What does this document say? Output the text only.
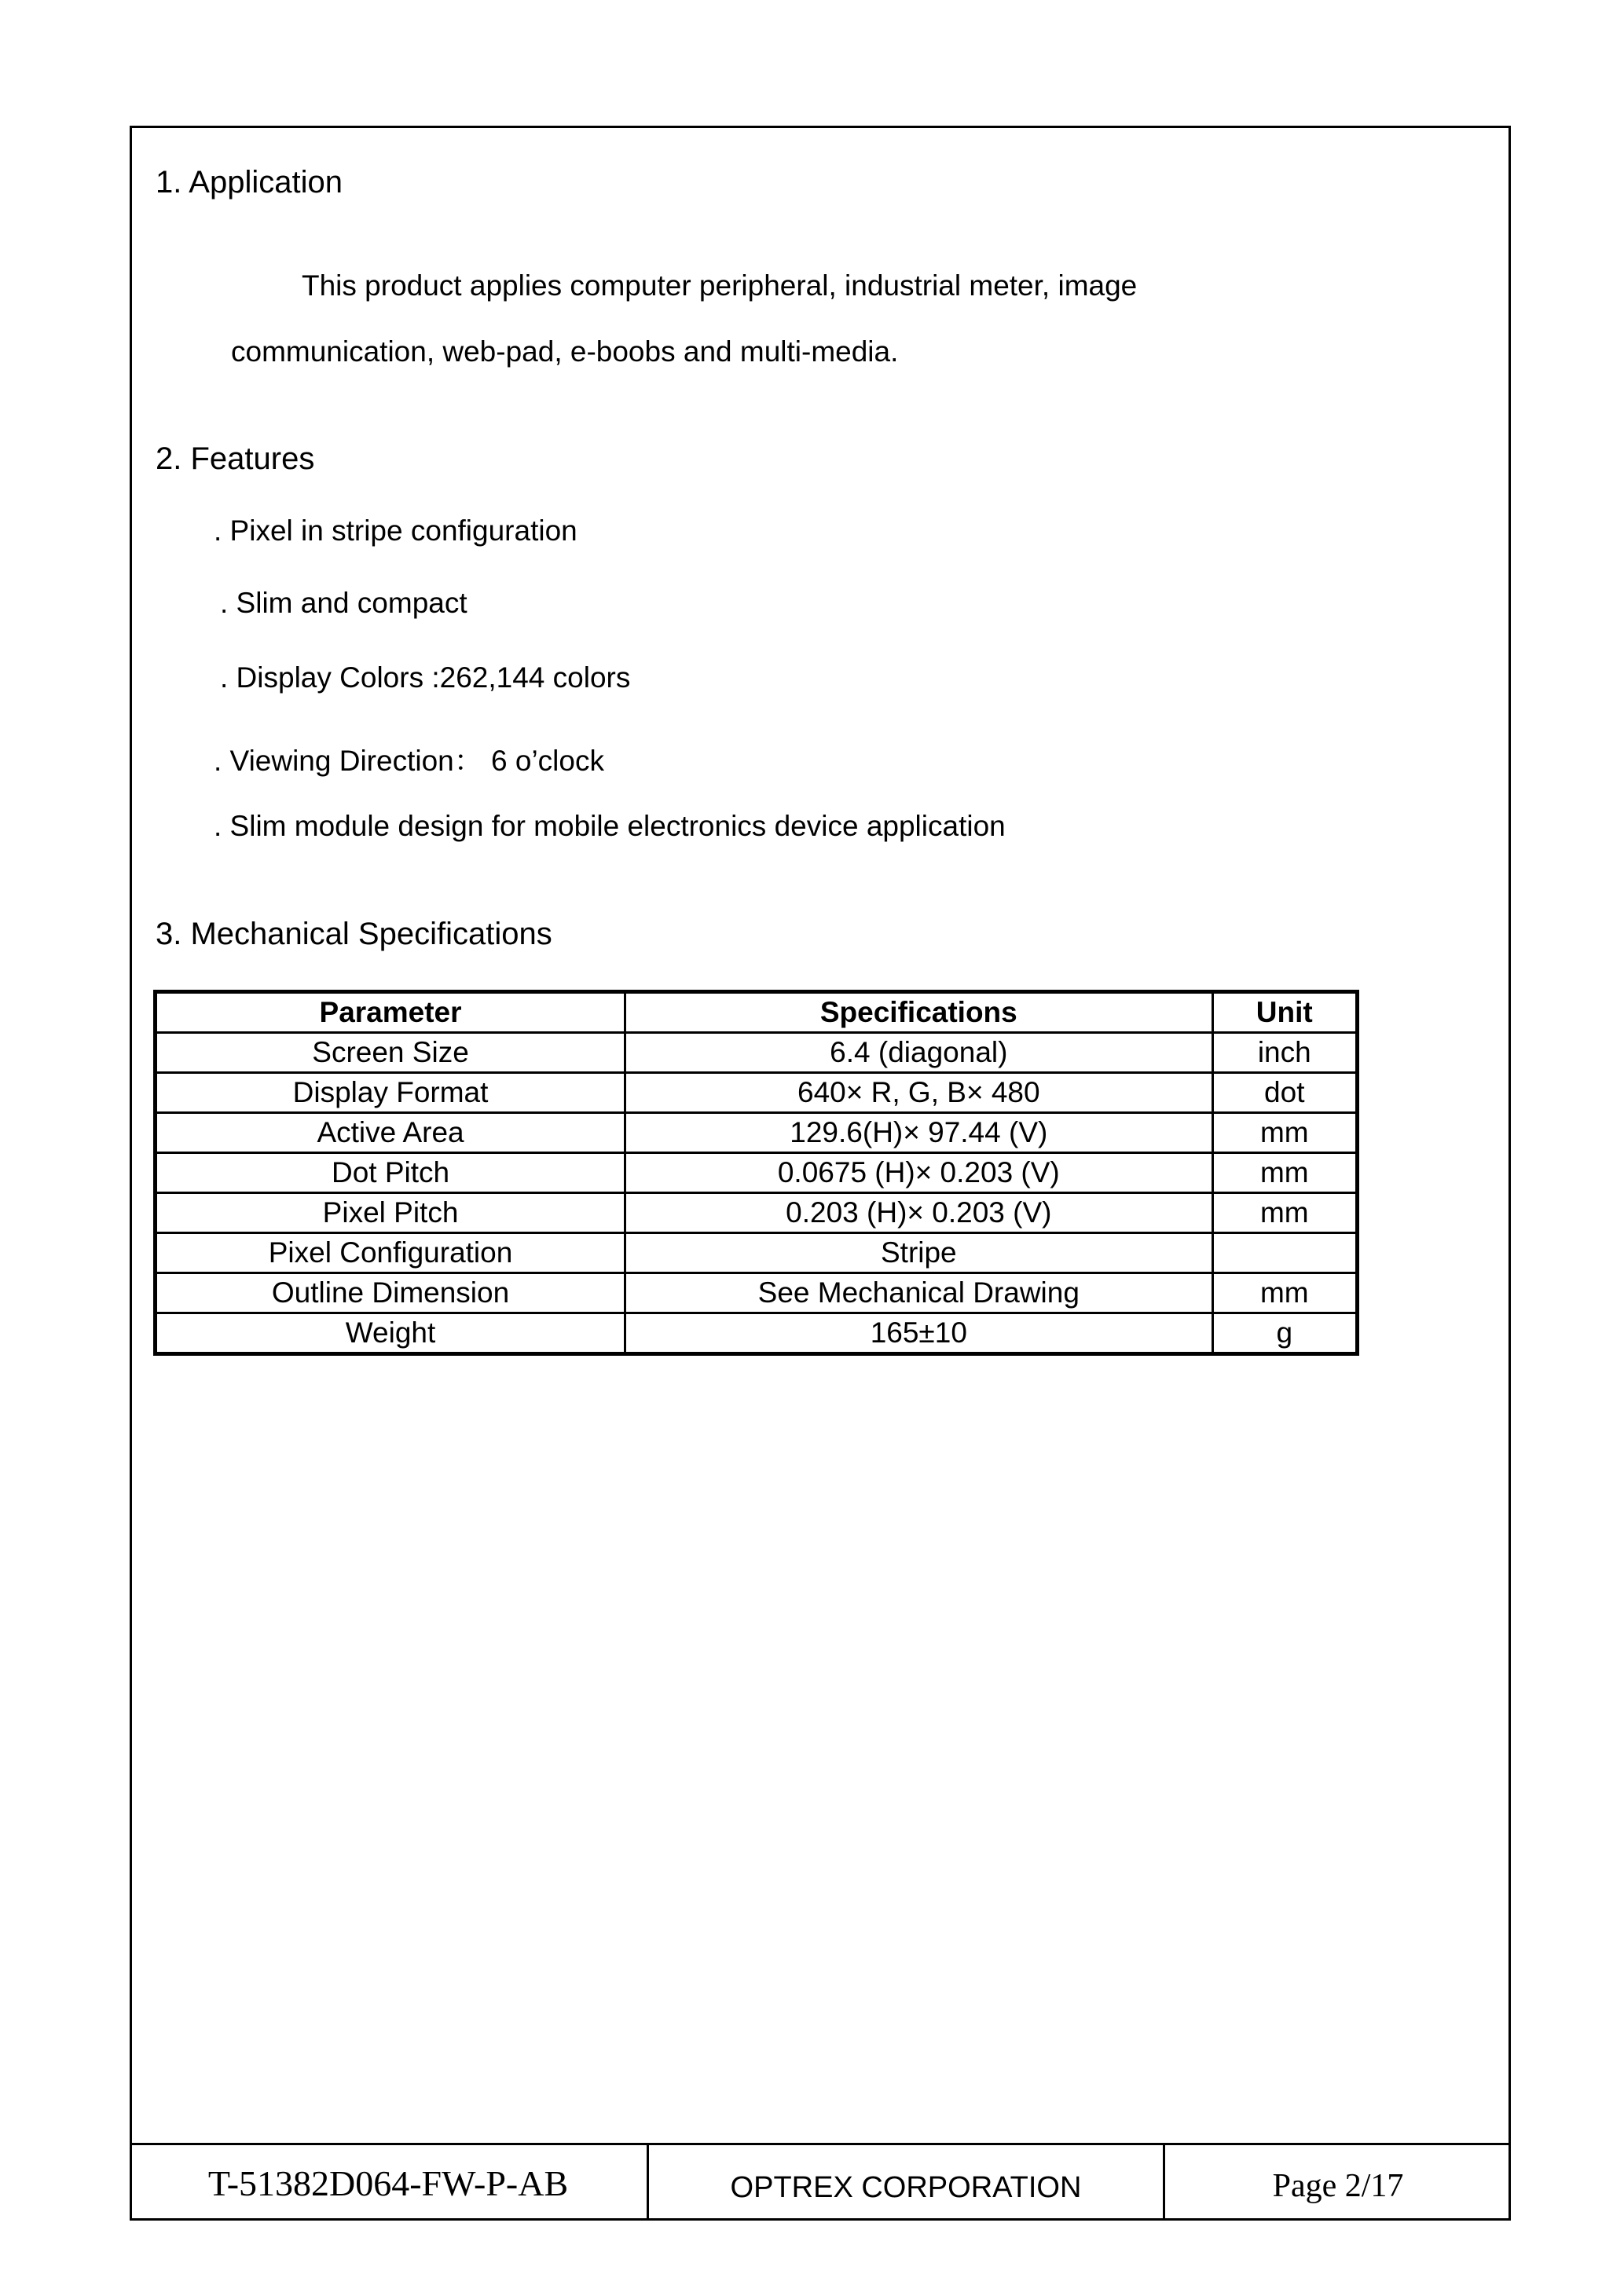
1. Application
This product applies computer peripheral, industrial meter, image
communication, web-pad, e-boobs and multi-media.
2. Features
. Pixel in stripe configuration
. Slim and compact
. Display Colors :262,144 colors
. Viewing Direction： 6 o’clock
. Slim module design for mobile electronics device application
3. Mechanical Specifications
Parameter	Specifications	Unit
Screen Size	6.4 (diagonal)	inch
Display Format	640× R, G, B× 480	dot
Active Area	129.6(H)× 97.44 (V)	mm
Dot Pitch	0.0675 (H)× 0.203 (V)	mm
Pixel Pitch	0.203 (H)× 0.203 (V)	mm
Pixel Configuration	Stripe	
Outline Dimension	See Mechanical Drawing	mm
Weight	165±10	g
T-51382D064-FW-P-AB	OPTREX CORPORATION	Page 2/17
